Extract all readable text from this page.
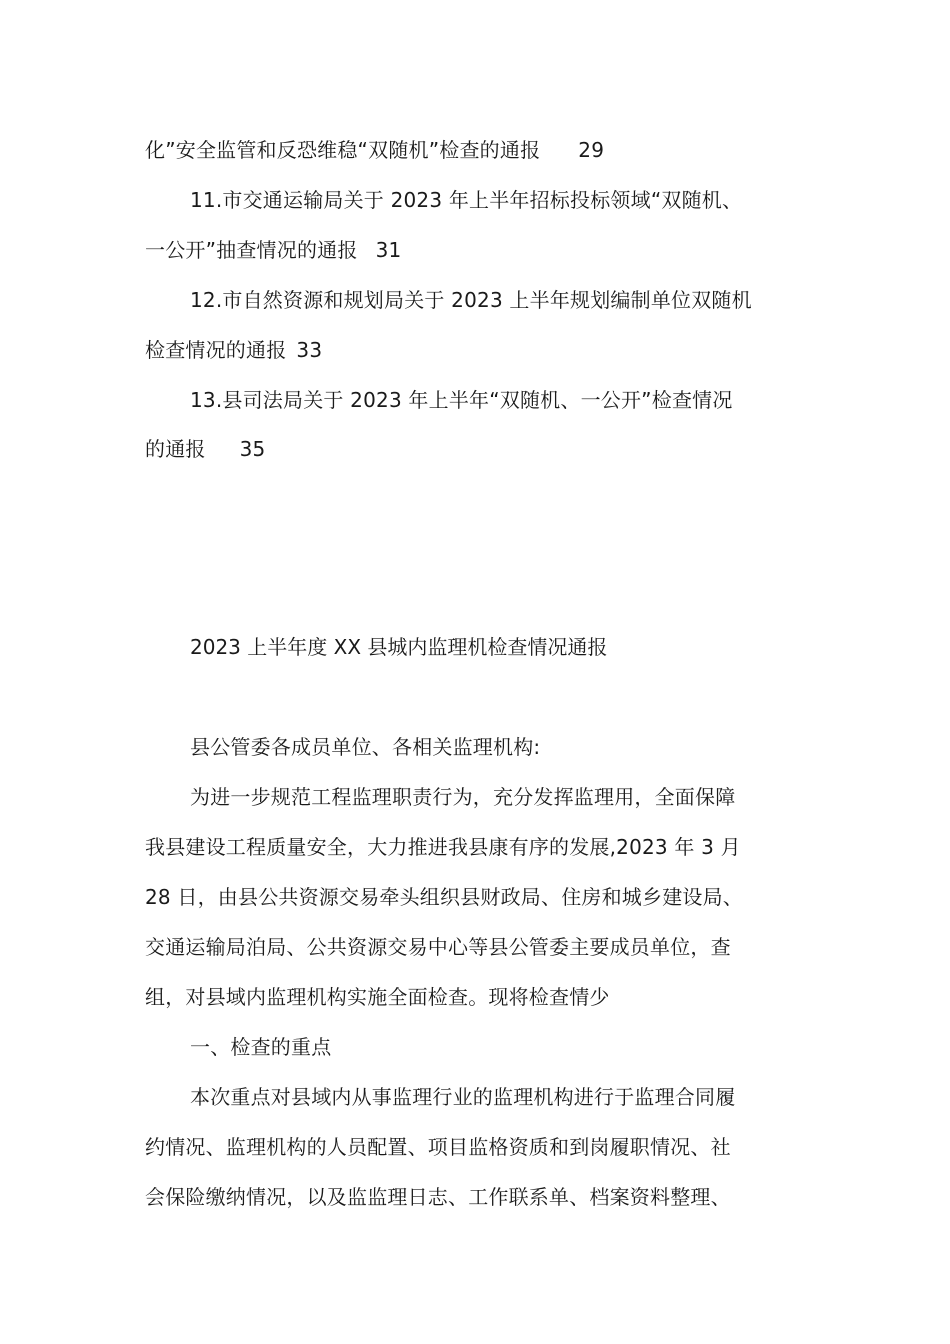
化”安全监管和反恐维稳“双随机”检查的通报 29
11.市交通运输局关于 2023 年上半年招标投标领域“双随机、
一公开”抽查情况的通报 31
12.市自然资源和规划局关于 2023 上半年规划编制单位双随机
检查情况的通报 33
13.县司法局关于 2023 年上半年“双随机、一公开”检查情况
的通报 35
2023 上半年度 XX 县城内监理机检查情况通报
县公管委各成员单位、各相关监理机构:
为进一步规范工程监理职责行为，充分发挥监理用，全面保障
我县建设工程质量安全，大力推进我县康有序的发展,2023 年 3 月
28 日，由县公共资源交易牵头组织县财政局、住房和城乡建设局、
交通运输局泊局、公共资源交易中心等县公管委主要成员单位，查
组，对县域内监理机构实施全面检查。现将检查情少
一、检查的重点
本次重点对县域内从事监理行业的监理机构进行于监理合同履
约情况、监理机构的人员配置、项目监格资质和到岗履职情况、社
会保险缴纳情况，以及监监理日志、工作联系单、档案资料整理、
